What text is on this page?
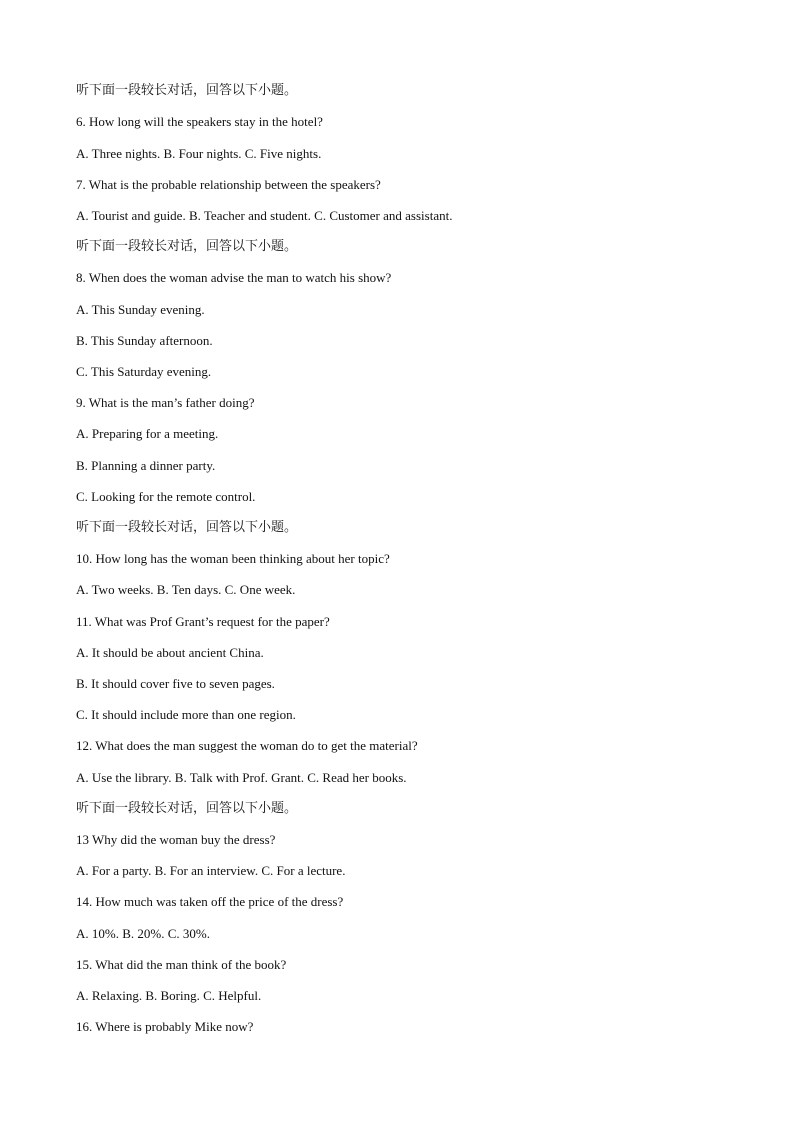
听下面一段较长对话，回答以下小题。
6. How long will the speakers stay in the hotel?
A. Three nights. B. Four nights. C. Five nights.
7. What is the probable relationship between the speakers?
A. Tourist and guide. B. Teacher and student. C. Customer and assistant.
听下面一段较长对话，回答以下小题。
8. When does the woman advise the man to watch his show?
A. This Sunday evening.
B. This Sunday afternoon.
C. This Saturday evening.
9. What is the man’s father doing?
A. Preparing for a meeting.
B. Planning a dinner party.
C. Looking for the remote control.
听下面一段较长对话，回答以下小题。
10. How long has the woman been thinking about her topic?
A. Two weeks. B. Ten days. C. One week.
11. What was Prof Grant’s request for the paper?
A. It should be about ancient China.
B. It should cover five to seven pages.
C. It should include more than one region.
12. What does the man suggest the woman do to get the material?
A. Use the library. B. Talk with Prof. Grant. C. Read her books.
听下面一段较长对话，回答以下小题。
13 Why did the woman buy the dress?
A. For a party. B. For an interview. C. For a lecture.
14. How much was taken off the price of the dress?
A. 10%. B. 20%. C. 30%.
15. What did the man think of the book?
A. Relaxing. B. Boring. C. Helpful.
16. Where is probably Mike now?
